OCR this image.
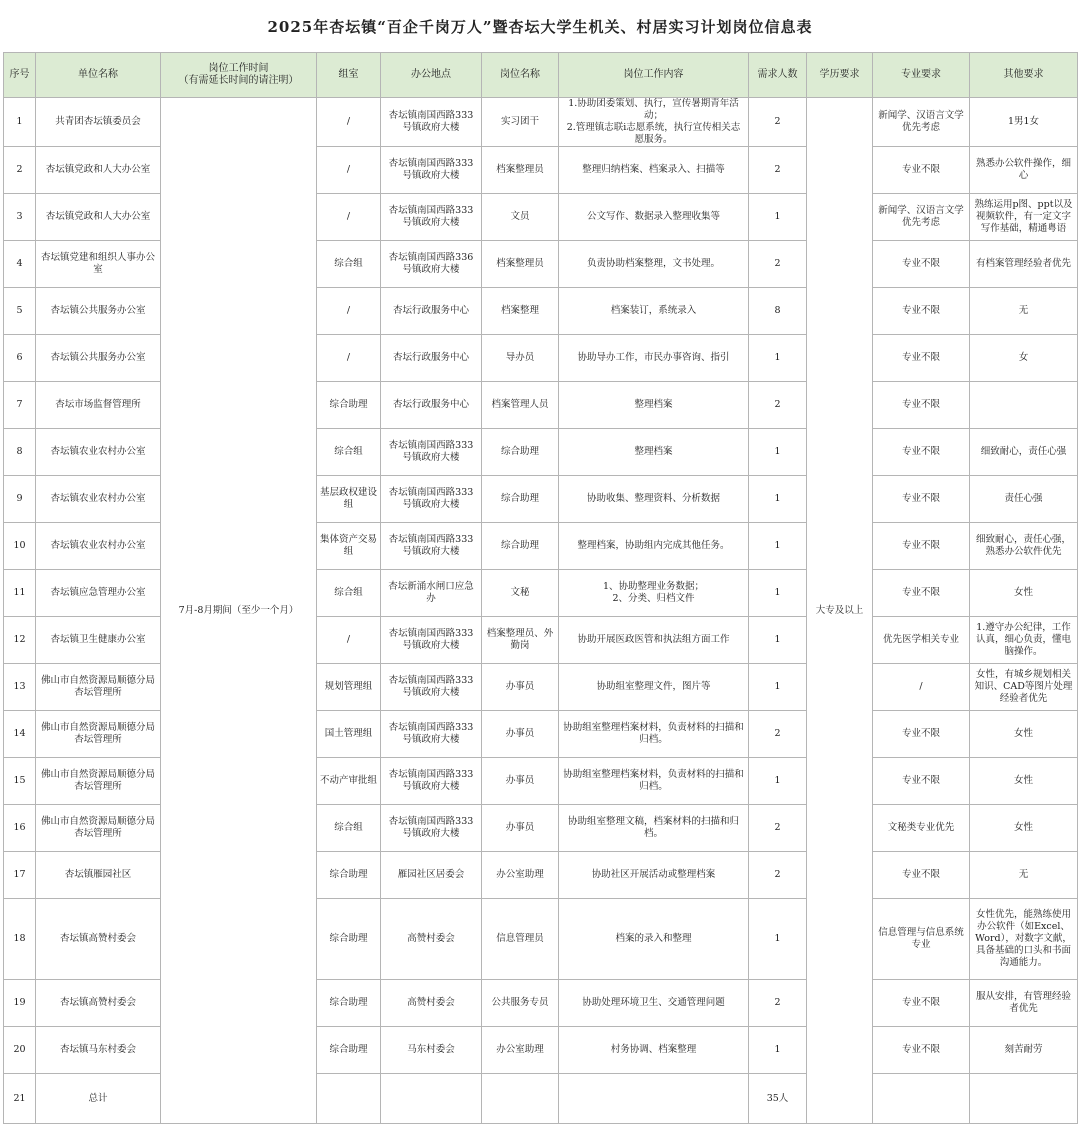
2025年杏坛镇“百企千岗万人”暨杏坛大学生机关、村居实习计划岗位信息表
序号	单位名称	岗位工作时间
（有需延长时间的请注明）	组室	办公地点	岗位名称	岗位工作内容	需求人数	学历要求	专业要求	其他要求
1	共青团杏坛镇委员会	7月-8月期间（至少一个月）	/	杏坛镇南国西路333号镇政府大楼	实习团干	1.协助团委策划、执行，宣传暑期青年活动；
2.管理镇志联i志愿系统，执行宣传相关志愿服务。	2	大专及以上	新闻学、汉语言文学优先考虑	1男1女
2	杏坛镇党政和人大办公室		/	杏坛镇南国西路333号镇政府大楼	档案整理员	整理归纳档案、档案录入、扫描等	2		专业不限	熟悉办公软件操作，细心
3	杏坛镇党政和人大办公室		/	杏坛镇南国西路333号镇政府大楼	文员	公文写作、数据录入整理收集等	1		新闻学、汉语言文学优先考虑	熟练运用p图、ppt以及视频软件，有一定文字写作基础，精通粤语
4	杏坛镇党建和组织人事办公室		综合组	杏坛镇南国西路336号镇政府大楼	档案整理员	负责协助档案整理，文书处理。	2		专业不限	有档案管理经验者优先
5	杏坛镇公共服务办公室		/	杏坛行政服务中心	档案整理	档案装订，系统录入	8		专业不限	无
6	杏坛镇公共服务办公室		/	杏坛行政服务中心	导办员	协助导办工作，市民办事咨询、指引	1		专业不限	女
7	杏坛市场监督管理所		综合助理	杏坛行政服务中心	档案管理人员	整理档案	2		专业不限	
8	杏坛镇农业农村办公室		综合组	杏坛镇南国西路333号镇政府大楼	综合助理	整理档案	1		专业不限	细致耐心，责任心强
9	杏坛镇农业农村办公室		基层政权建设组	杏坛镇南国西路333号镇政府大楼	综合助理	协助收集、整理资料、分析数据	1		专业不限	责任心强
10	杏坛镇农业农村办公室		集体资产交易组	杏坛镇南国西路333号镇政府大楼	综合助理	整理档案，协助组内完成其他任务。	1		专业不限	细致耐心，责任心强，熟悉办公软件优先
11	杏坛镇应急管理办公室		综合组	杏坛新涌水闸口应急办	文秘	1、协助整理业务数据；
2、分类、归档文件	1		专业不限	女性
12	杏坛镇卫生健康办公室		/	杏坛镇南国西路333号镇政府大楼	档案整理员、外勤岗	协助开展医政医管和执法组方面工作	1		优先医学相关专业	1.遵守办公纪律，工作认真，细心负责，懂电脑操作。
13	佛山市自然资源局顺德分局杏坛管理所		规划管理组	杏坛镇南国西路333号镇政府大楼	办事员	协助组室整理文件，图片等	1		/	女性，有城乡规划相关知识、CAD等图片处理经验者优先
14	佛山市自然资源局顺德分局杏坛管理所		国土管理组	杏坛镇南国西路333号镇政府大楼	办事员	协助组室整理档案材料，负责材料的扫描和归档。	2		专业不限	女性
15	佛山市自然资源局顺德分局杏坛管理所		不动产审批组	杏坛镇南国西路333号镇政府大楼	办事员	协助组室整理档案材料，负责材料的扫描和归档。	1		专业不限	女性
16	佛山市自然资源局顺德分局杏坛管理所		综合组	杏坛镇南国西路333号镇政府大楼	办事员	协助组室整理文稿，档案材料的扫描和归档。	2		文秘类专业优先	女性
17	杏坛镇雁园社区		综合助理	雁园社区居委会	办公室助理	协助社区开展活动或整理档案	2		专业不限	无
18	杏坛镇高赞村委会		综合助理	高赞村委会	信息管理员	档案的录入和整理	1		信息管理与信息系统专业	女性优先，能熟练使用办公软件（如Excel、Word），对数字文献，具备基础的口头和书面沟通能力。
19	杏坛镇高赞村委会		综合助理	高赞村委会	公共服务专员	协助处理环境卫生、交通管理问题	2		专业不限	服从安排，有管理经验者优先
20	杏坛镇马东村委会		综合助理	马东村委会	办公室助理	村务协调、档案整理	1		专业不限	刻苦耐劳
21	总计						35人			
